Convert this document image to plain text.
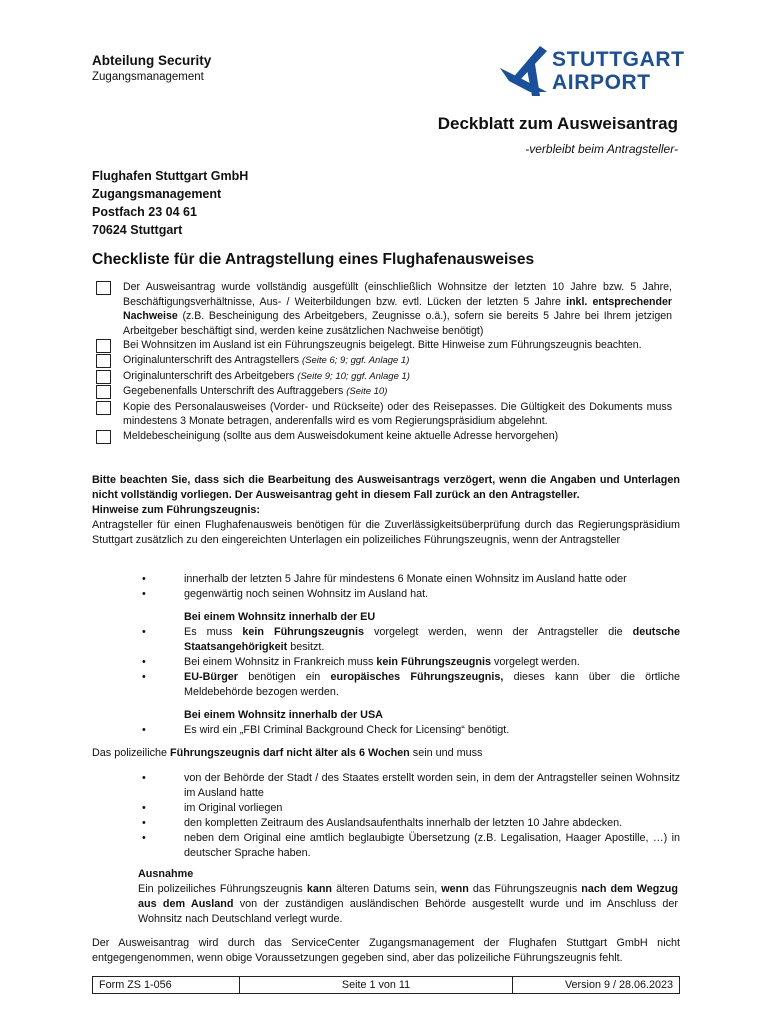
Abteilung Security
Zugangsmanagement
STUTTGART
AIRPORT
Deckblatt zum Ausweisantrag
-verbleibt beim Antragsteller-
Flughafen Stuttgart GmbH
Zugangsmanagement
Postfach 23 04 61
70624 Stuttgart
Checkliste für die Antragstellung eines Flughafenausweises
Der Ausweisantrag wurde vollständig ausgefüllt (einschließlich Wohnsitze der letzten 10 Jahre bzw. 5 Jahre, Beschäftigungsverhältnisse, Aus- / Weiterbildungen bzw. evtl. Lücken der letzten 5 Jahre inkl. entsprechender Nachweise (z.B. Bescheinigung des Arbeitgebers, Zeugnisse o.ä.), sofern sie bereits 5 Jahre bei Ihrem jetzigen Arbeitgeber beschäftigt sind, werden keine zusätzlichen Nachweise benötigt)
Bei Wohnsitzen im Ausland ist ein Führungszeugnis beigelegt. Bitte Hinweise zum Führungszeugnis beachten.
Originalunterschrift des Antragstellers (Seite 6; 9; ggf. Anlage 1)
Originalunterschrift des Arbeitgebers (Seite 9; 10; ggf. Anlage 1)
Gegebenenfalls Unterschrift des Auftraggebers (Seite 10)
Kopie des Personalausweises (Vorder- und Rückseite) oder des Reisepasses. Die Gültigkeit des Dokuments muss mindestens 3 Monate betragen, anderenfalls wird es vom Regierungspräsidium abgelehnt.
Meldebescheinigung (sollte aus dem Ausweisdokument keine aktuelle Adresse hervorgehen)
Bitte beachten Sie, dass sich die Bearbeitung des Ausweisantrags verzögert, wenn die Angaben und Unterlagen nicht vollständig vorliegen. Der Ausweisantrag geht in diesem Fall zurück an den Antragsteller.
Hinweise zum Führungszeugnis:
Antragsteller für einen Flughafenausweis benötigen für die Zuverlässigkeitsüberprüfung durch das Regierungspräsidium Stuttgart zusätzlich zu den eingereichten Unterlagen ein polizeiliches Führungszeugnis, wenn der Antragsteller
•	innerhalb der letzten 5 Jahre für mindestens 6 Monate einen Wohnsitz im Ausland hatte oder
•	gegenwärtig noch seinen Wohnsitz im Ausland hat.
Bei einem Wohnsitz innerhalb der EU
•	Es muss kein Führungszeugnis vorgelegt werden, wenn der Antragsteller die deutsche Staatsangehörigkeit besitzt.
•	Bei einem Wohnsitz in Frankreich muss kein Führungszeugnis vorgelegt werden.
•	EU-Bürger benötigen ein europäisches Führungszeugnis, dieses kann über die örtliche Meldebehörde bezogen werden.
Bei einem Wohnsitz innerhalb der USA
•	Es wird ein „FBI Criminal Background Check for Licensing“ benötigt.
Das polizeiliche Führungszeugnis darf nicht älter als 6 Wochen sein und muss
•	von der Behörde der Stadt / des Staates erstellt worden sein, in dem der Antragsteller seinen Wohnsitz im Ausland hatte
•	im Original vorliegen
•	den kompletten Zeitraum des Auslandsaufenthalts innerhalb der letzten 10 Jahre abdecken.
•	neben dem Original eine amtlich beglaubigte Übersetzung (z.B. Legalisation, Haager Apostille, …) in deutscher Sprache haben.
Ausnahme
Ein polizeiliches Führungszeugnis kann älteren Datums sein, wenn das Führungszeugnis nach dem Wegzug aus dem Ausland von der zuständigen ausländischen Behörde ausgestellt wurde und im Anschluss der Wohnsitz nach Deutschland verlegt wurde.
Der Ausweisantrag wird durch das ServiceCenter Zugangsmanagement der Flughafen Stuttgart GmbH nicht entgegengenommen, wenn obige Voraussetzungen gegeben sind, aber das polizeiliche Führungszeugnis fehlt.
Form ZS 1-056	Seite 1 von 11	Version 9 / 28.06.2023
